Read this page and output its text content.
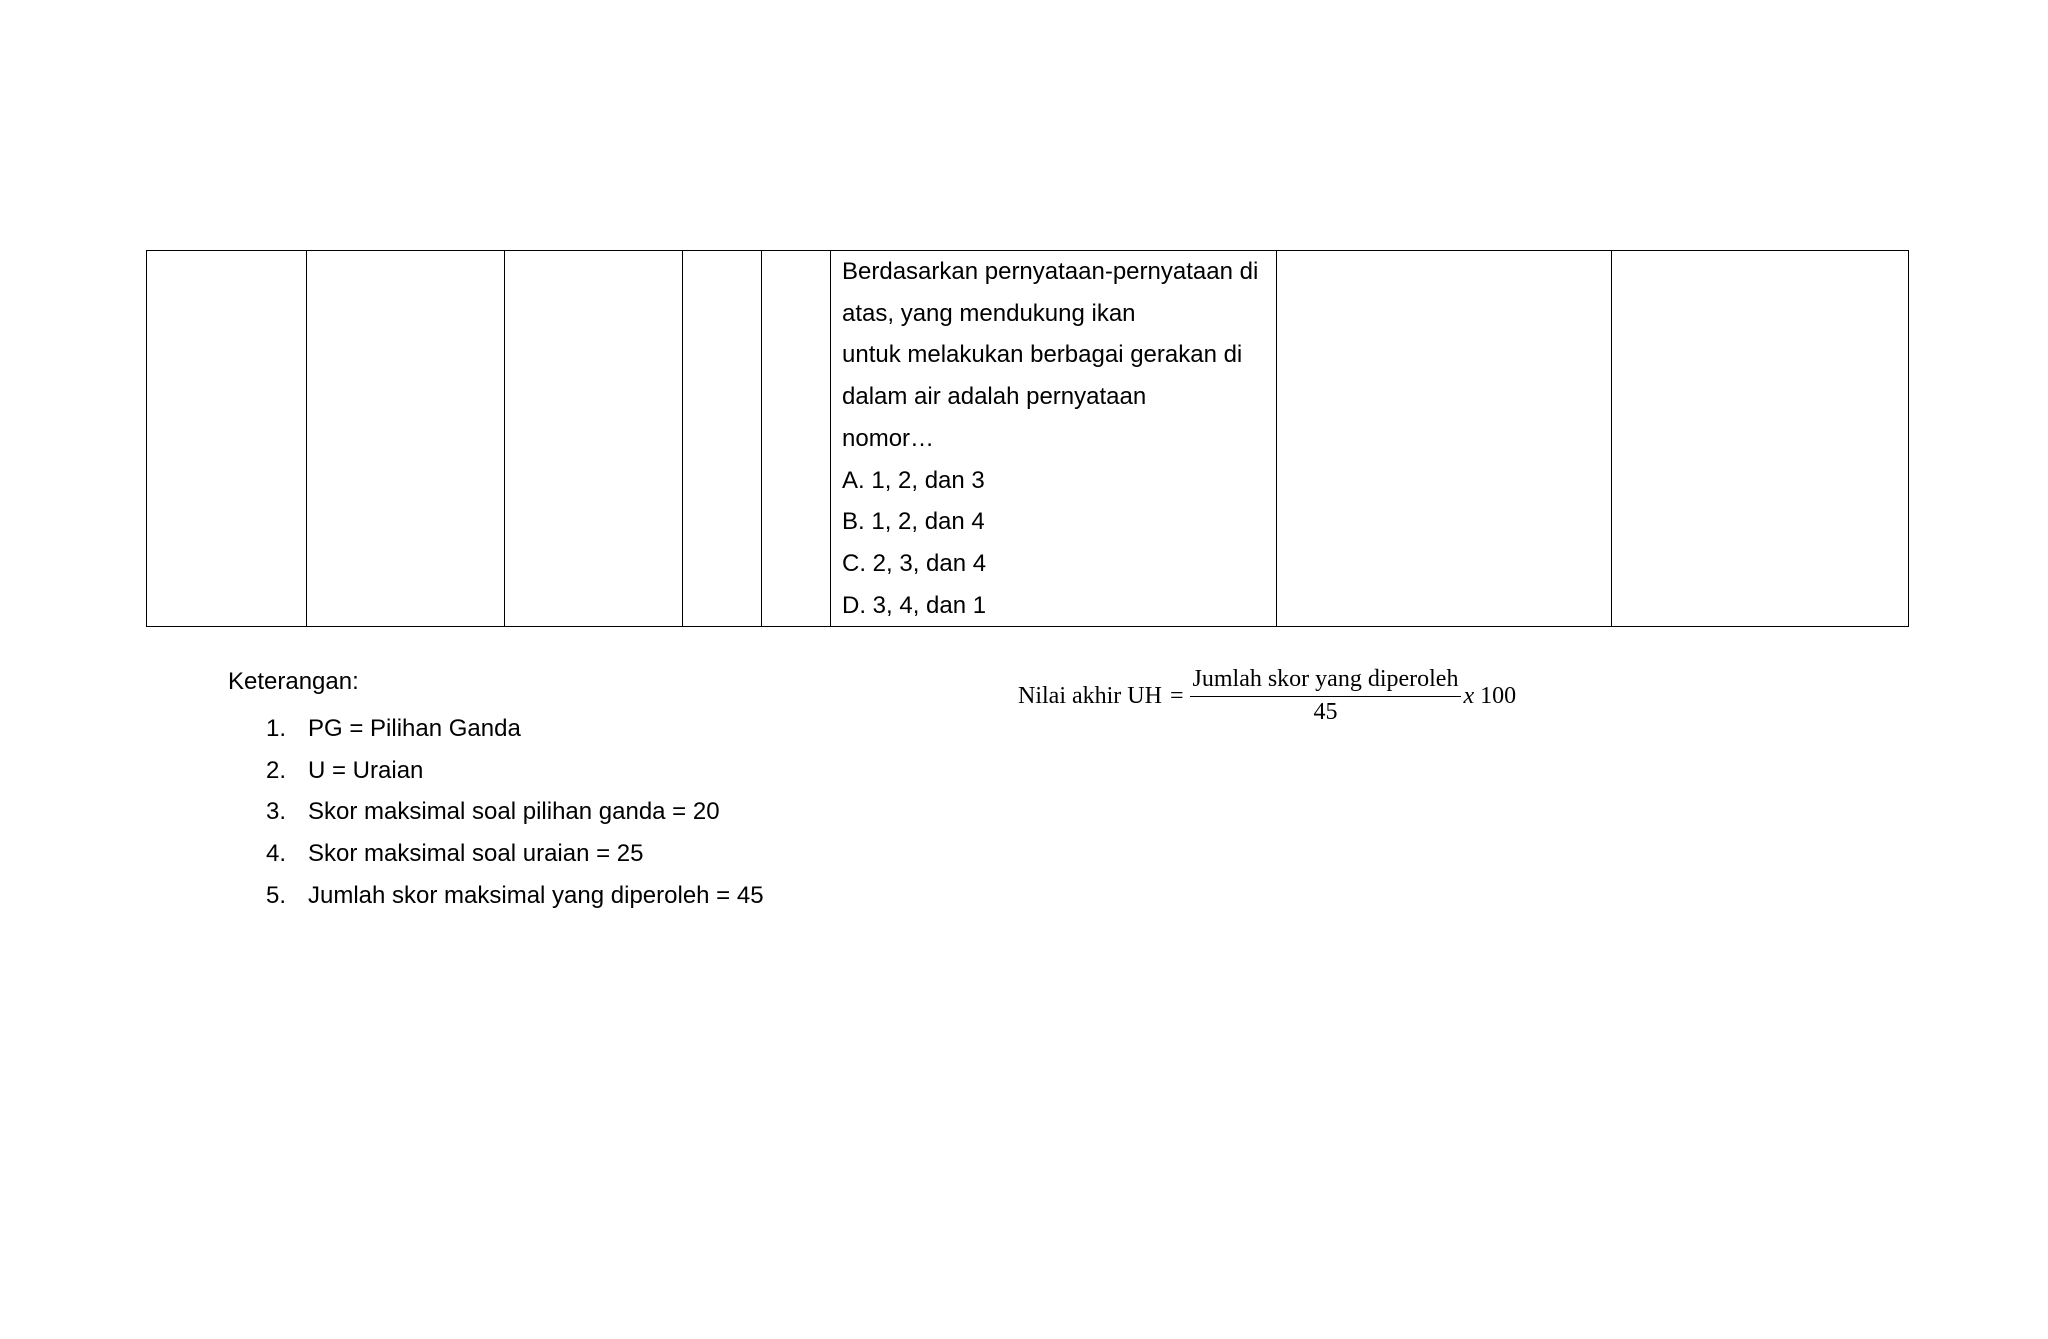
Berdasarkan pernyataan-pernyataan di
atas, yang mendukung ikan
untuk melakukan berbagai gerakan di
dalam air adalah pernyataan
nomor…
A. 1, 2, dan 3
B. 1, 2, dan 4
C. 2, 3, dan 4
D. 3, 4, dan 1

Keterangan:
1. PG = Pilihan Ganda
2. U = Uraian
3. Skor maksimal soal pilihan ganda = 20
4. Skor maksimal soal uraian = 25
5. Jumlah skor maksimal yang diperoleh = 45
Nilai akhir UH = $\frac{\text{Jumlah skor yang diperoleh}}{45}$ x 100
